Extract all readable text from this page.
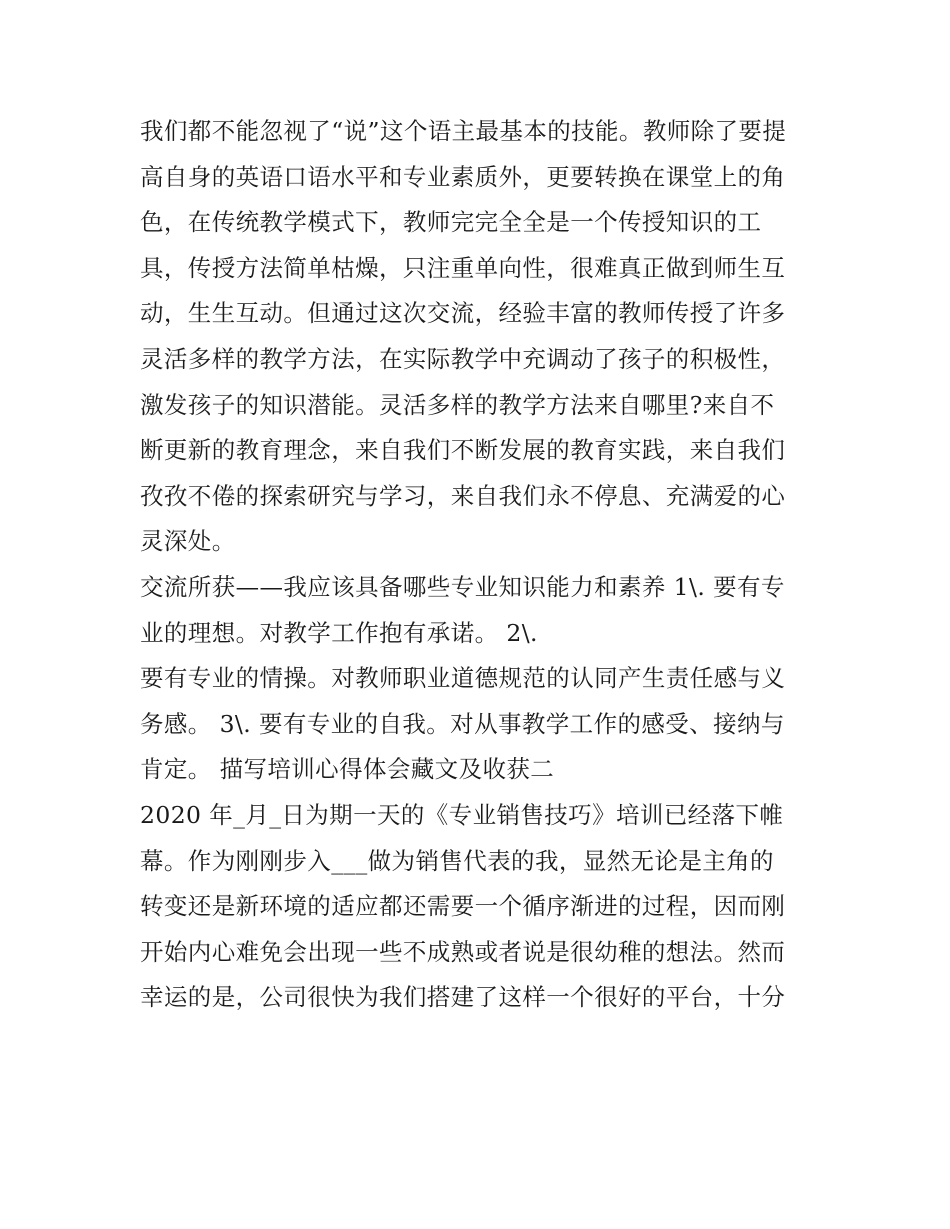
我们都不能忽视了“说”这个语主最基本的技能。教师除了要提
高自身的英语口语水平和专业素质外，更要转换在课堂上的角
色，在传统教学模式下，教师完完全全是一个传授知识的工
具，传授方法简单枯燥，只注重单向性，很难真正做到师生互
动，生生互动。但通过这次交流，经验丰富的教师传授了许多
灵活多样的教学方法，在实际教学中充调动了孩子的积极性，
激发孩子的知识潜能。灵活多样的教学方法来自哪里?来自不
断更新的教育理念，来自我们不断发展的教育实践，来自我们
孜孜不倦的探索研究与学习，来自我们永不停息、充满爱的心
灵深处。
交流所获——我应该具备哪些专业知识能力和素养 1\. 要有专
业的理想。对教学工作抱有承诺。 2\.
要有专业的情操。对教师职业道德规范的认同产生责任感与义
务感。 3\. 要有专业的自我。对从事教学工作的感受、接纳与
肯定。 描写培训心得体会藏文及收获二
2020 年_月_日为期一天的《专业销售技巧》培训已经落下帷
幕。作为刚刚步入___做为销售代表的我，显然无论是主角的
转变还是新环境的适应都还需要一个循序渐进的过程，因而刚
开始内心难免会出现一些不成熟或者说是很幼稚的想法。然而
幸运的是，公司很快为我们搭建了这样一个很好的平台，十分
